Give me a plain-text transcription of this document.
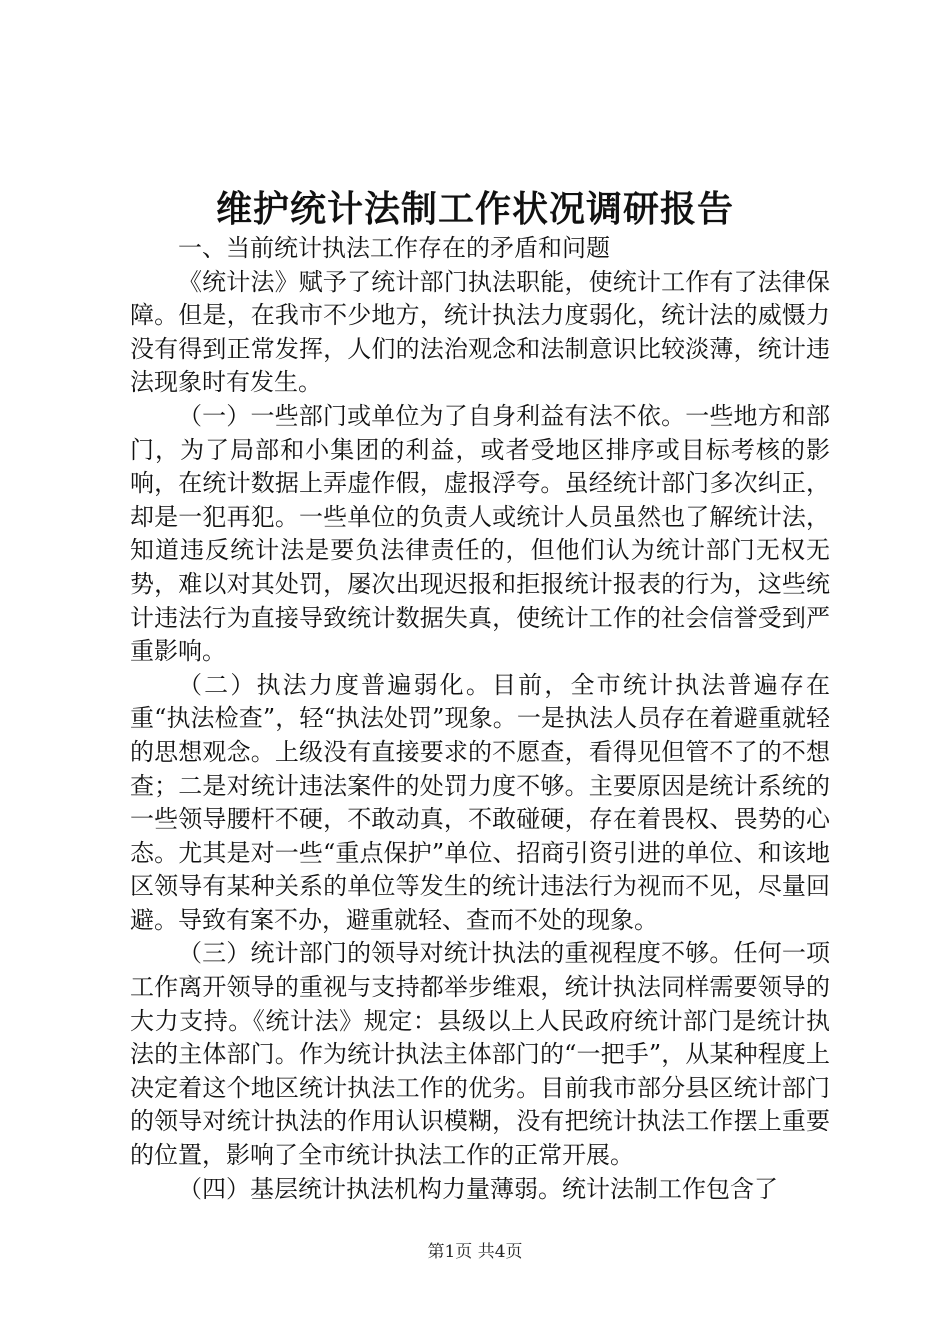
维护统计法制工作状况调研报告

一、当前统计执法工作存在的矛盾和问题

《统计法》赋予了统计部门执法职能，使统计工作有了法律保障。但是，在我市不少地方，统计执法力度弱化，统计法的威慑力没有得到正常发挥，人们的法治观念和法制意识比较淡薄，统计违法现象时有发生。

（一）一些部门或单位为了自身利益有法不依。一些地方和部门，为了局部和小集团的利益，或者受地区排序或目标考核的影响，在统计数据上弄虚作假，虚报浮夸。虽经统计部门多次纠正，却是一犯再犯。一些单位的负责人或统计人员虽然也了解统计法，知道违反统计法是要负法律责任的，但他们认为统计部门无权无势，难以对其处罚，屡次出现迟报和拒报统计报表的行为，这些统计违法行为直接导致统计数据失真，使统计工作的社会信誉受到严重影响。

（二）执法力度普遍弱化。目前，全市统计执法普遍存在重“执法检查”，轻“执法处罚”现象。一是执法人员存在着避重就轻的思想观念。上级没有直接要求的不愿查，看得见但管不了的不想查；二是对统计违法案件的处罚力度不够。主要原因是统计系统的一些领导腰杆不硬，不敢动真，不敢碰硬，存在着畏权、畏势的心态。尤其是对一些“重点保护”单位、招商引资引进的单位、和该地区领导有某种关系的单位等发生的统计违法行为视而不见，尽量回避。导致有案不办，避重就轻、查而不处的现象。

（三）统计部门的领导对统计执法的重视程度不够。任何一项工作离开领导的重视与支持都举步维艰，统计执法同样需要领导的大力支持。《统计法》规定：县级以上人民政府统计部门是统计执法的主体部门。作为统计执法主体部门的“一把手”，从某种程度上决定着这个地区统计执法工作的优劣。目前我市部分县区统计部门的领导对统计执法的作用认识模糊，没有把统计执法工作摆上重要的位置，影响了全市统计执法工作的正常开展。

（四）基层统计执法机构力量薄弱。统计法制工作包含了

第1页 共4页
